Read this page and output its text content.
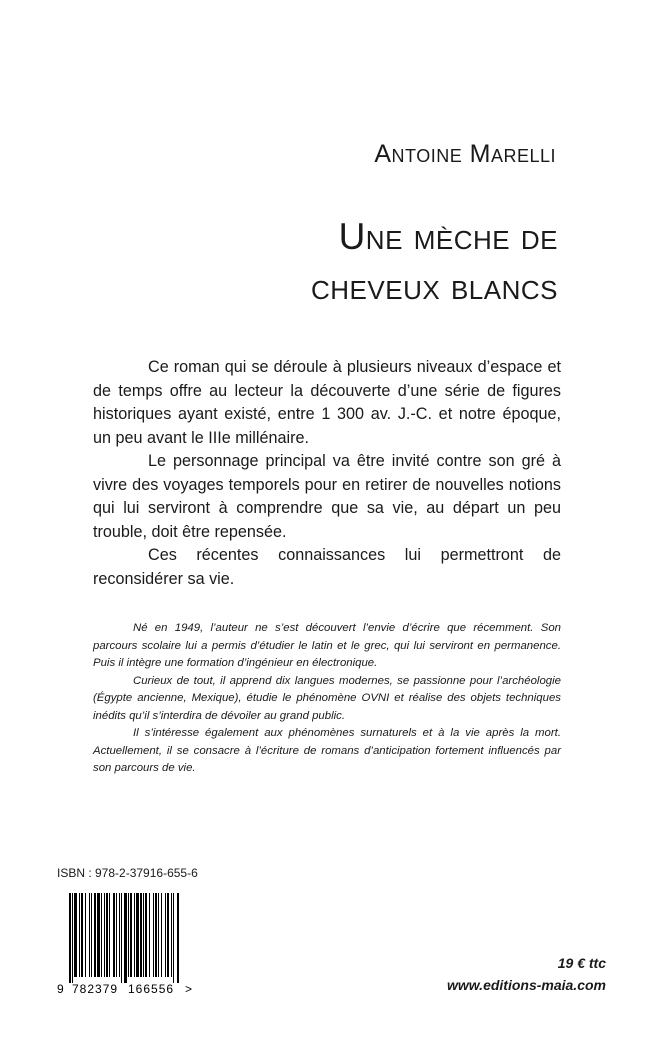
Antoine Marelli
Une mèche de
cheveux blancs

Ce roman qui se déroule à plusieurs niveaux d’espace et de temps offre au lecteur la découverte d’une série de figures historiques ayant existé, entre 1 300 av. J.-C. et notre époque, un peu avant le IIIe millénaire.

Le personnage principal va être invité contre son gré à vivre des voyages temporels pour en retirer de nouvelles notions qui lui serviront à comprendre que sa vie, au départ un peu trouble, doit être repensée.

Ces récentes connaissances lui permettront de reconsidérer sa vie.

Né en 1949, l’auteur ne s’est découvert l’envie d’écrire que récemment. Son parcours scolaire lui a permis d’étudier le latin et le grec, qui lui serviront en permanence. Puis il intègre une formation d’ingénieur en électronique.

Curieux de tout, il apprend dix langues modernes, se passionne pour l’archéologie (Égypte ancienne, Mexique), étudie le phénomène OVNI et réalise des objets techniques inédits qu’il s’interdira de dévoiler au grand public.

Il s’intéresse également aux phénomènes surnaturels et à la vie après la mort. Actuellement, il se consacre à l’écriture de romans d’anticipation fortement influencés par son parcours de vie.

ISBN : 978-2-37916-655-6
9 782379 166556 >
19 € ttc
www.editions-maia.com
